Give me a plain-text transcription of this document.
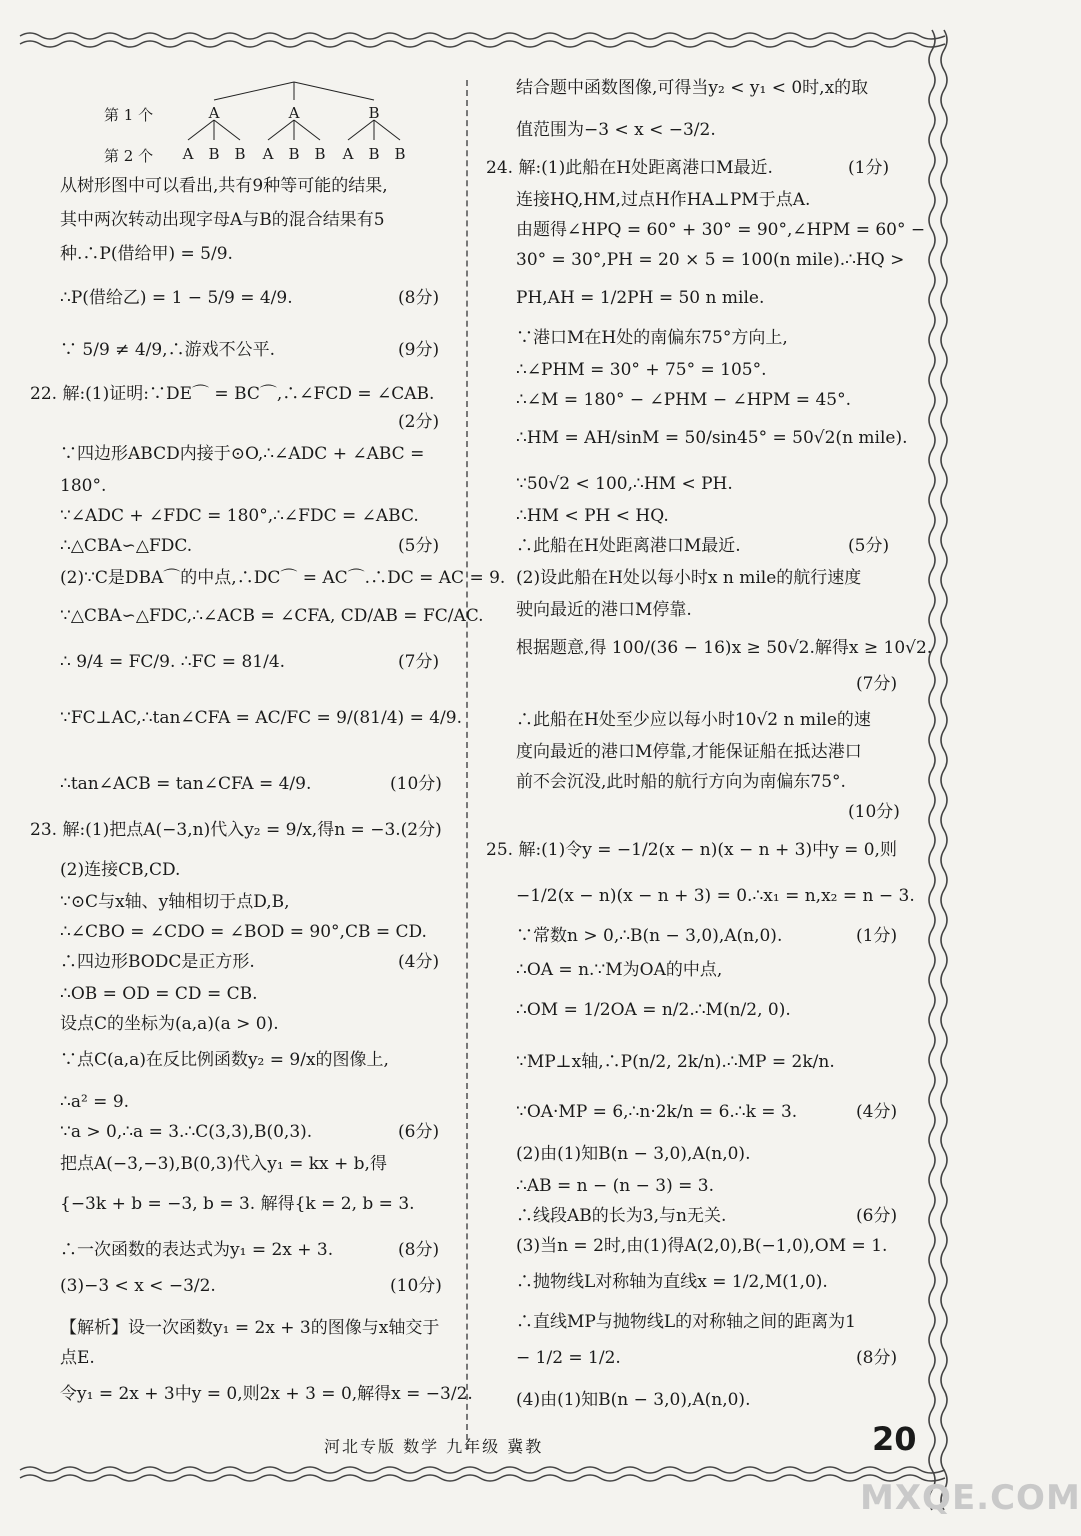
第 1 个
第 2 个
A	A	B
A B B A B B A B B
从树形图中可以看出,共有9种等可能的结果,
其中两次转动出现字母A与B的混合结果有5
种.∴P(借给甲) = 5/9.
∴P(借给乙) = 1 − 5/9 = 4/9.	(8分)
∵ 5/9 ≠ 4/9,∴游戏不公平.	(9分)
22. 解:(1)证明:∵DE⌒ = BC⌒,∴∠FCD = ∠CAB.
(2分)
∵四边形ABCD内接于⊙O,∴∠ADC + ∠ABC =
180°.
∵∠ADC + ∠FDC = 180°,∴∠FDC = ∠ABC.
∴△CBA∽△FDC.	(5分)
(2)∵C是DBA⌒的中点,∴DC⌒ = AC⌒.∴DC = AC = 9.
∵△CBA∽△FDC,∴∠ACB = ∠CFA, CD/AB = FC/AC.
∴ 9/4 = FC/9. ∴FC = 81/4.	(7分)
∵FC⊥AC,∴tan∠CFA = AC/FC = 9/(81/4) = 4/9.
∴tan∠ACB = tan∠CFA = 4/9.	(10分)
23. 解:(1)把点A(−3,n)代入y₂ = 9/x,得n = −3.(2分)
(2)连接CB,CD.
∵⊙C与x轴、y轴相切于点D,B,
∴∠CBO = ∠CDO = ∠BOD = 90°,CB = CD.
∴四边形BODC是正方形.	(4分)
∴OB = OD = CD = CB.
设点C的坐标为(a,a)(a > 0).
∵点C(a,a)在反比例函数y₂ = 9/x的图像上,
∴a² = 9.
∵a > 0,∴a = 3.∴C(3,3),B(0,3).	(6分)
把点A(−3,−3),B(0,3)代入y₁ = kx + b,得
{−3k + b = −3, b = 3. 解得{k = 2, b = 3.
∴一次函数的表达式为y₁ = 2x + 3.	(8分)
(3)−3 < x < −3/2.	(10分)
【解析】设一次函数y₁ = 2x + 3的图像与x轴交于
点E.
令y₁ = 2x + 3中y = 0,则2x + 3 = 0,解得x = −3/2.
结合题中函数图像,可得当y₂ < y₁ < 0时,x的取
值范围为−3 < x < −3/2.
24. 解:(1)此船在H处距离港口M最近.	(1分)
连接HQ,HM,过点H作HA⊥PM于点A.
由题得∠HPQ = 60° + 30° = 90°,∠HPM = 60° −
30° = 30°,PH = 20 × 5 = 100(n mile).∴HQ >
PH,AH = 1/2PH = 50 n mile.
∵港口M在H处的南偏东75°方向上,
∴∠PHM = 30° + 75° = 105°.
∴∠M = 180° − ∠PHM − ∠HPM = 45°.
∴HM = AH/sinM = 50/sin45° = 50√2(n mile).
∵50√2 < 100,∴HM < PH.
∴HM < PH < HQ.
∴此船在H处距离港口M最近.	(5分)
(2)设此船在H处以每小时x n mile的航行速度
驶向最近的港口M停靠.
根据题意,得 100/(36 − 16)x ≥ 50√2.解得x ≥ 10√2.
(7分)
∴此船在H处至少应以每小时10√2 n mile的速
度向最近的港口M停靠,才能保证船在抵达港口
前不会沉没,此时船的航行方向为南偏东75°.
(10分)
25. 解:(1)令y = −1/2(x − n)(x − n + 3)中y = 0,则
−1/2(x − n)(x − n + 3) = 0.∴x₁ = n,x₂ = n − 3.
∵常数n > 0,∴B(n − 3,0),A(n,0).	(1分)
∴OA = n.∵M为OA的中点,
∴OM = 1/2OA = n/2.∴M(n/2, 0).
∵MP⊥x轴,∴P(n/2, 2k/n).∴MP = 2k/n.
∵OA·MP = 6,∴n·2k/n = 6.∴k = 3.	(4分)
(2)由(1)知B(n − 3,0),A(n,0).
∴AB = n − (n − 3) = 3.
∴线段AB的长为3,与n无关.	(6分)
(3)当n = 2时,由(1)得A(2,0),B(−1,0),OM = 1.
∴抛物线L对称轴为直线x = 1/2,M(1,0).
∴直线MP与抛物线L的对称轴之间的距离为1
− 1/2 = 1/2.	(8分)
(4)由(1)知B(n − 3,0),A(n,0).
河北专版 数学 九年级 冀教	20
MXQE.COM
